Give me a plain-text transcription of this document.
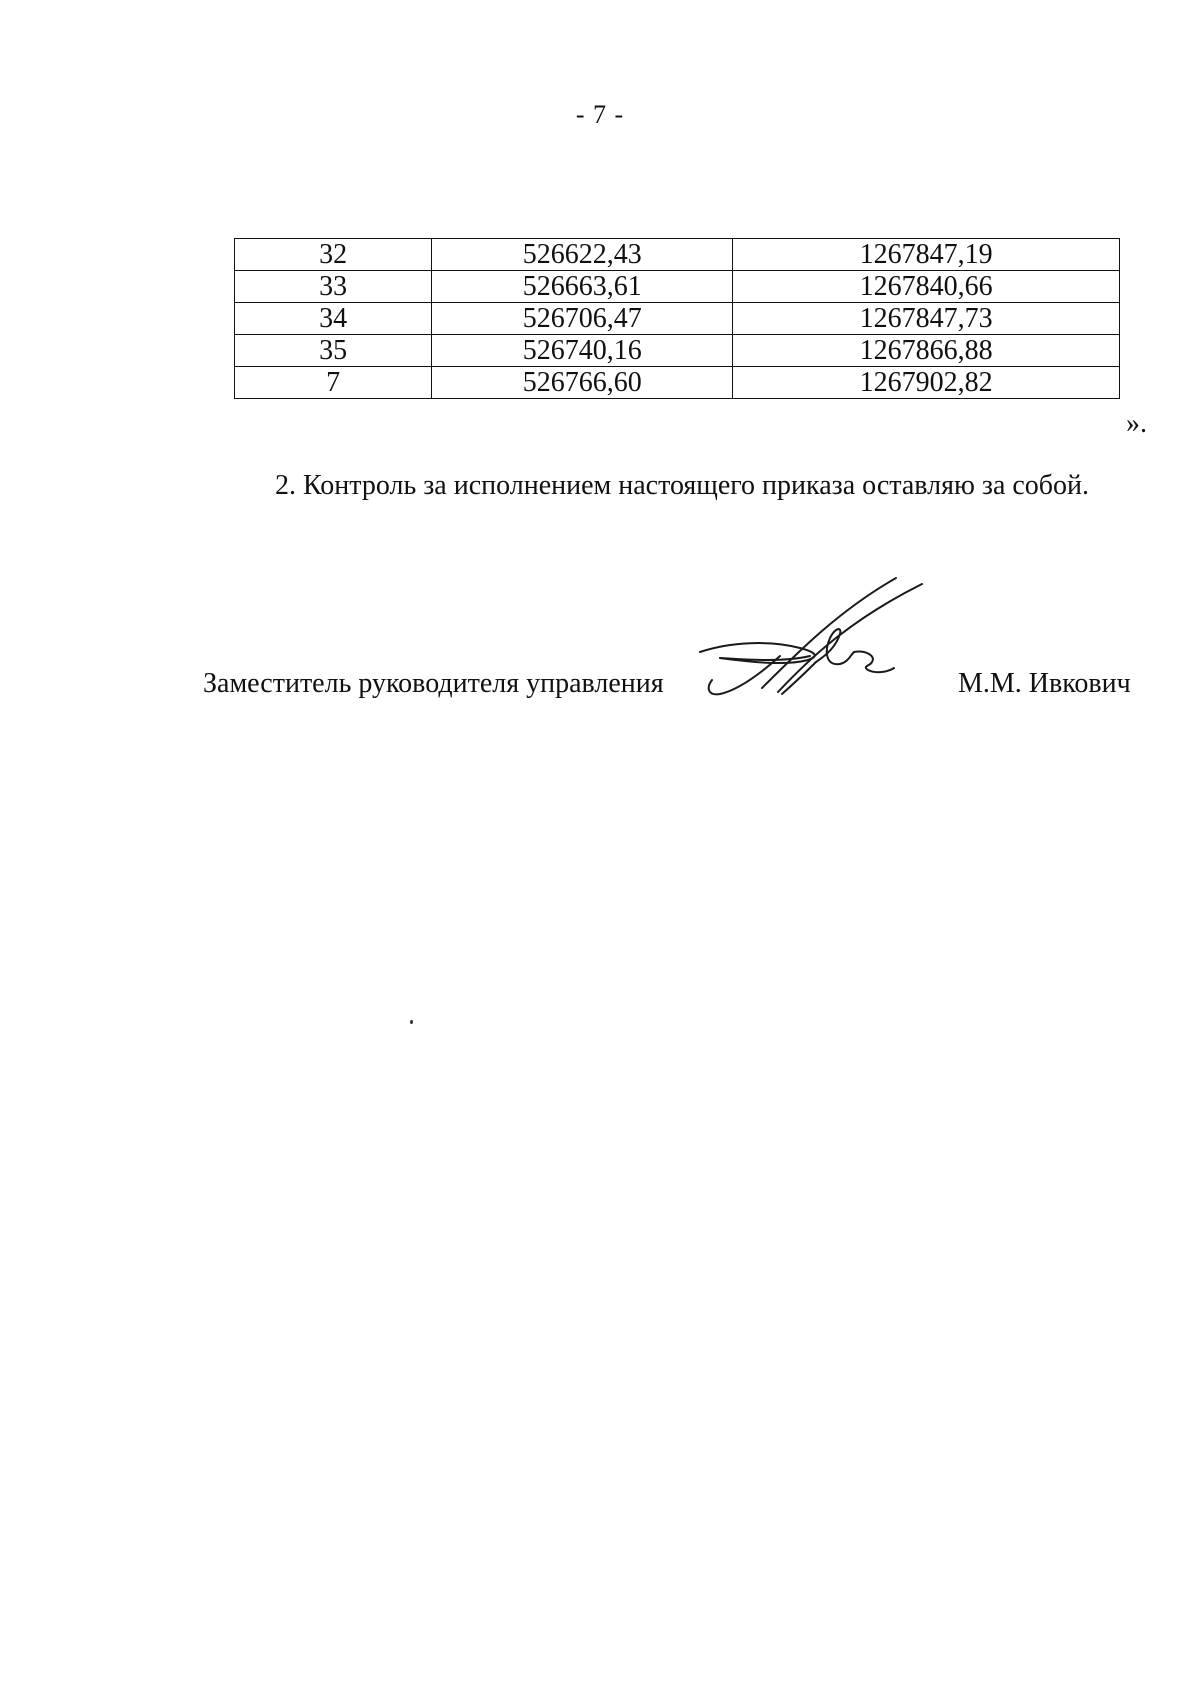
- 7 -
32	526622,43	1267847,19
33	526663,61	1267840,66
34	526706,47	1267847,73
35	526740,16	1267866,88
7	526766,60	1267902,82
».
2. Контроль за исполнением настоящего приказа оставляю за собой.
Заместитель руководителя управления	М.М. Ивкович
